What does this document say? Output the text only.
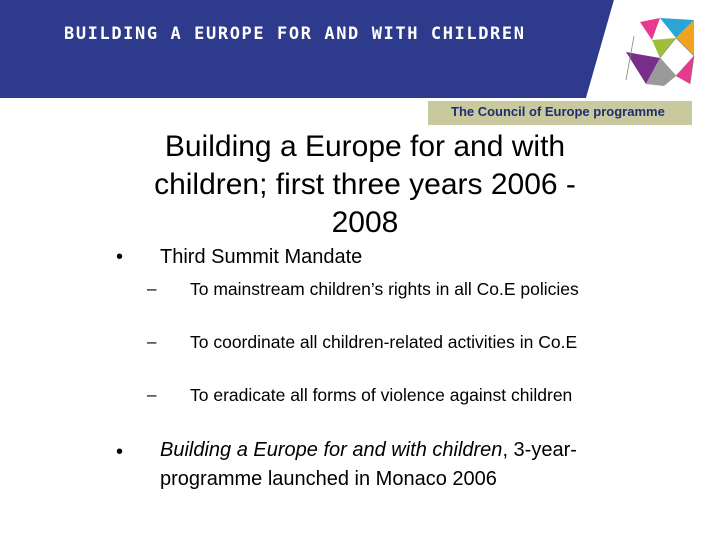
BUILDING A EUROPE FOR AND WITH CHILDREN
The Council of Europe programme
Building a Europe for and with children; first three years 2006 - 2008
• Third Summit Mandate
– To mainstream children’s rights in all Co.E policies
– To coordinate all children-related activities in Co.E
– To eradicate all forms of violence against children
• Building a Europe for and with children, 3-year-programme launched in Monaco 2006
